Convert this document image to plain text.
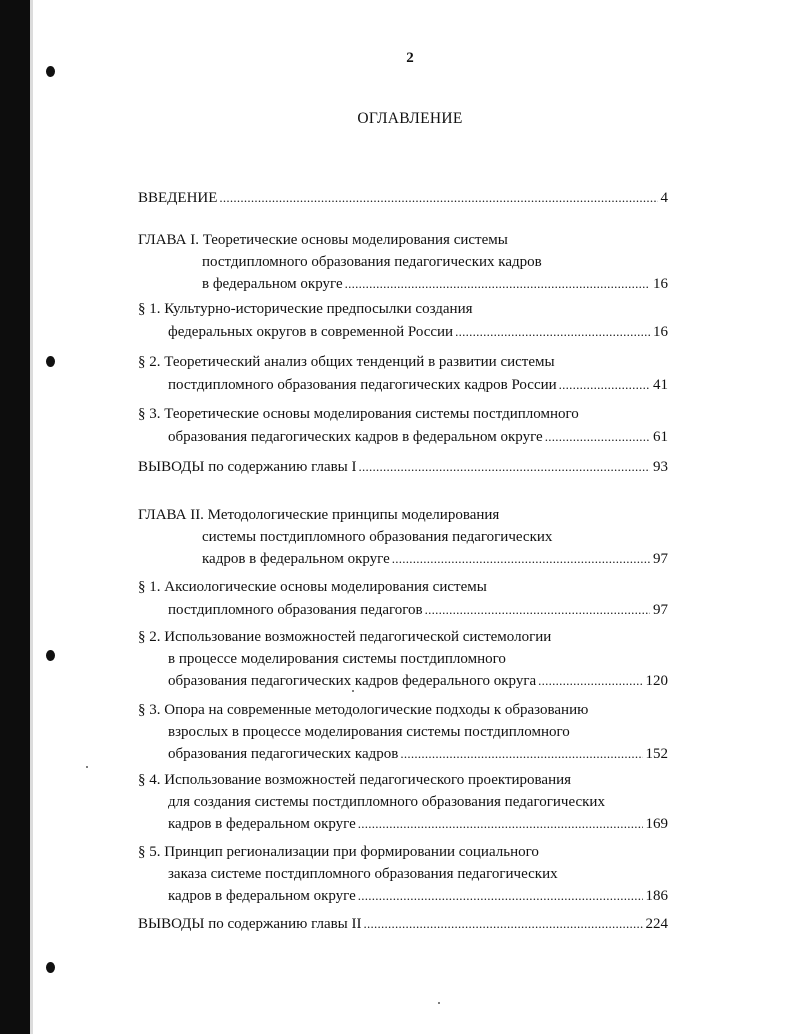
2
ОГЛАВЛЕНИЕ
ВВЕДЕНИЕ . . .	4
ГЛАВА I. Теоретические основы моделирования системы
постдипломного образования педагогических кадров
в федеральном округе . . .	16
§ 1. Культурно-исторические предпосылки создания
федеральных округов в современной России . . .	16
§ 2. Теоретический анализ общих тенденций в развитии системы
постдипломного образования педагогических кадров России . . .	41
§ 3. Теоретические основы моделирования системы постдипломного
образования педагогических кадров в федеральном округе . . .	61
ВЫВОДЫ по содержанию главы I . . .	93
ГЛАВА II. Методологические принципы моделирования
системы постдипломного образования педагогических
кадров в федеральном округе . . .	97
§ 1. Аксиологические основы моделирования системы
постдипломного образования педагогов . . .	97
§ 2. Использование возможностей педагогической системологии
в процессе моделирования системы постдипломного
образования педагогических кадров федерального округа . . .	120
§ 3. Опора на современные методологические подходы к образованию
взрослых в процессе моделирования системы постдипломного
образования педагогических кадров . . .	152
§ 4. Использование возможностей педагогического проектирования
для создания системы постдипломного образования педагогических
кадров в федеральном округе . . .	169
§ 5. Принцип регионализации при формировании социального
заказа системе постдипломного образования педагогических
кадров в федеральном округе . . .	186
ВЫВОДЫ по содержанию главы II . . .	224
